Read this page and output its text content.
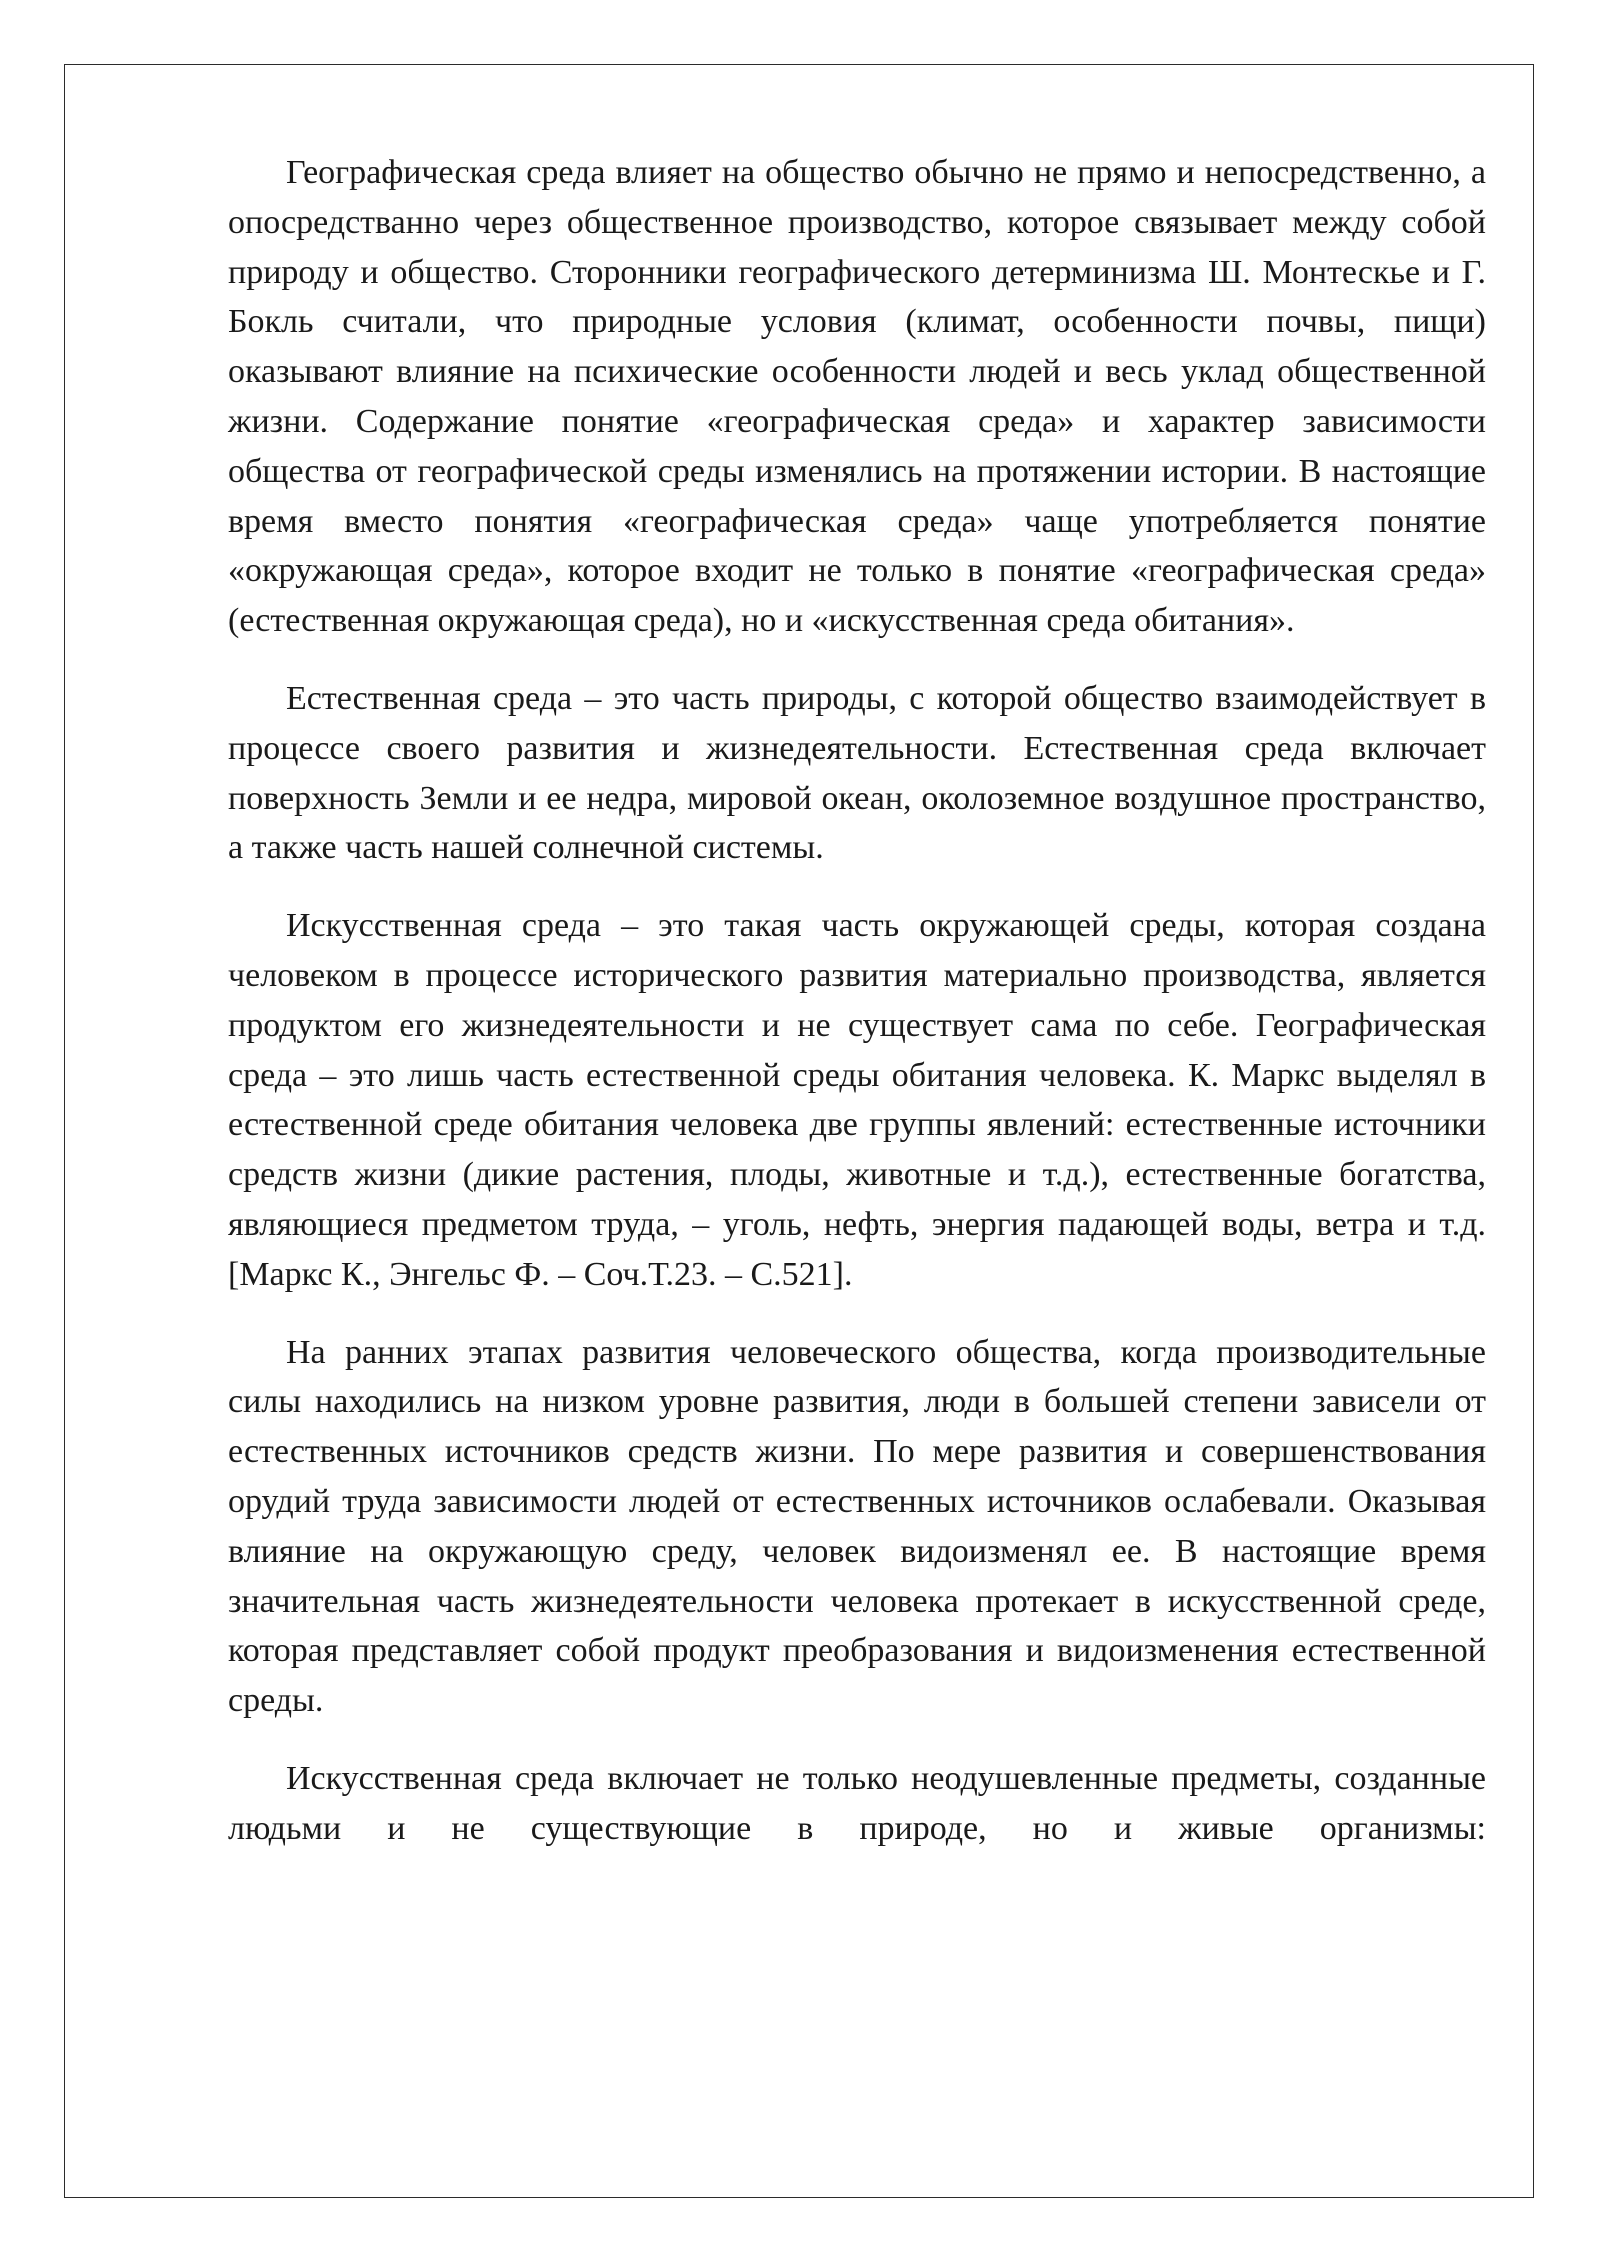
Географическая среда влияет на общество обычно не прямо и непосредственно, а опосредстванно через общественное производство, которое связывает между собой природу и общество. Сторонники географического детерминизма Ш. Монтескье и Г. Бокль считали, что природные условия (климат, особенности почвы, пищи) оказывают влияние на психические особенности людей и весь уклад общественной жизни. Содержание понятие «географическая среда» и характер зависимости общества от географической среды изменялись на протяжении истории. В настоящие время вместо понятия «географическая среда» чаще употребляется понятие «окружающая среда», которое входит не только в понятие «географическая среда» (естественная окружающая среда), но и «искусственная среда обитания».

Естественная среда – это часть природы, с которой общество взаимодействует в процессе своего развития и жизнедеятельности. Естественная среда включает поверхность Земли и ее недра, мировой океан, околоземное воздушное пространство, а также часть нашей солнечной системы.

Искусственная среда – это такая часть окружающей среды, которая создана человеком в процессе исторического развития материально производства, является продуктом его жизнедеятельности и не существует сама по себе. Географическая среда – это лишь часть естественной среды обитания человека. К. Маркс выделял в естественной среде обитания человека две группы явлений: естественные источники средств жизни (дикие растения, плоды, животные и т.д.), естественные богатства, являющиеся предметом труда, – уголь, нефть, энергия падающей воды, ветра и т.д. [Маркс К., Энгельс Ф. – Соч.Т.23. – С.521].

На ранних этапах развития человеческого общества, когда производительные силы находились на низком уровне развития, люди в большей степени зависели от естественных источников средств жизни. По мере развития и совершенствования орудий труда зависимости людей от естественных источников ослабевали. Оказывая влияние на окружающую среду, человек видоизменял ее. В настоящие время значительная часть жизнедеятельности человека протекает в искусственной среде, которая представляет собой продукт преобразования и видоизменения естественной среды.

Искусственная среда включает не только неодушевленные предметы, созданные людьми и не существующие в природе, но и живые организмы:
